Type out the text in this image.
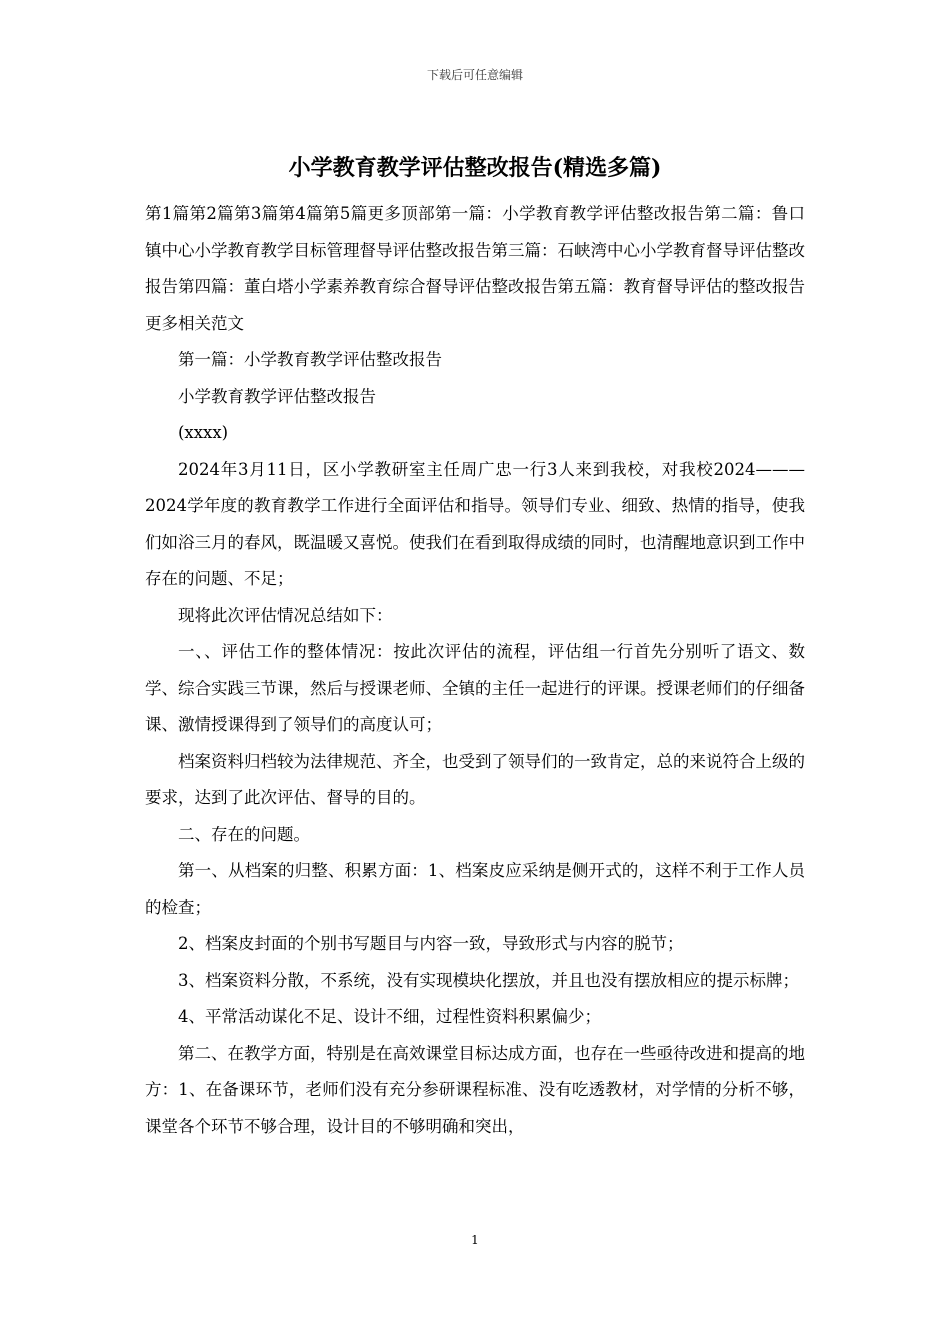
下载后可任意编辑
小学教育教学评估整改报告(精选多篇)

第1篇第2篇第3篇第4篇第5篇更多顶部第一篇：小学教育教学评估整改报告第二篇：鲁口镇中心小学教育教学目标管理督导评估整改报告第三篇：石峡湾中心小学教育督导评估整改报告第四篇：董白塔小学素养教育综合督导评估整改报告第五篇：教育督导评估的整改报告更多相关范文

第一篇：小学教育教学评估整改报告

小学教育教学评估整改报告

(xxxx)

2024年3月11日，区小学教研室主任周广忠一行3人来到我校，对我校2024———2024学年度的教育教学工作进行全面评估和指导。领导们专业、细致、热情的指导，使我们如浴三月的春风，既温暖又喜悦。使我们在看到取得成绩的同时，也清醒地意识到工作中存在的问题、不足；

现将此次评估情况总结如下：

一、、评估工作的整体情况：按此次评估的流程，评估组一行首先分别听了语文、数学、综合实践三节课，然后与授课老师、全镇的主任一起进行的评课。授课老师们的仔细备课、激情授课得到了领导们的高度认可；

档案资料归档较为法律规范、齐全，也受到了领导们的一致肯定，总的来说符合上级的要求，达到了此次评估、督导的目的。

二、存在的问题。

第一、从档案的归整、积累方面：1、档案皮应采纳是侧开式的，这样不利于工作人员的检查；

2、档案皮封面的个别书写题目与内容一致，导致形式与内容的脱节；

3、档案资料分散，不系统，没有实现模块化摆放，并且也没有摆放相应的提示标牌；

4、平常活动谋化不足、设计不细，过程性资料积累偏少；

第二、在教学方面，特别是在高效课堂目标达成方面，也存在一些亟待改进和提高的地方：1、在备课环节，老师们没有充分参研课程标准、没有吃透教材，对学情的分析不够，课堂各个环节不够合理，设计目的不够明确和突出，

1
